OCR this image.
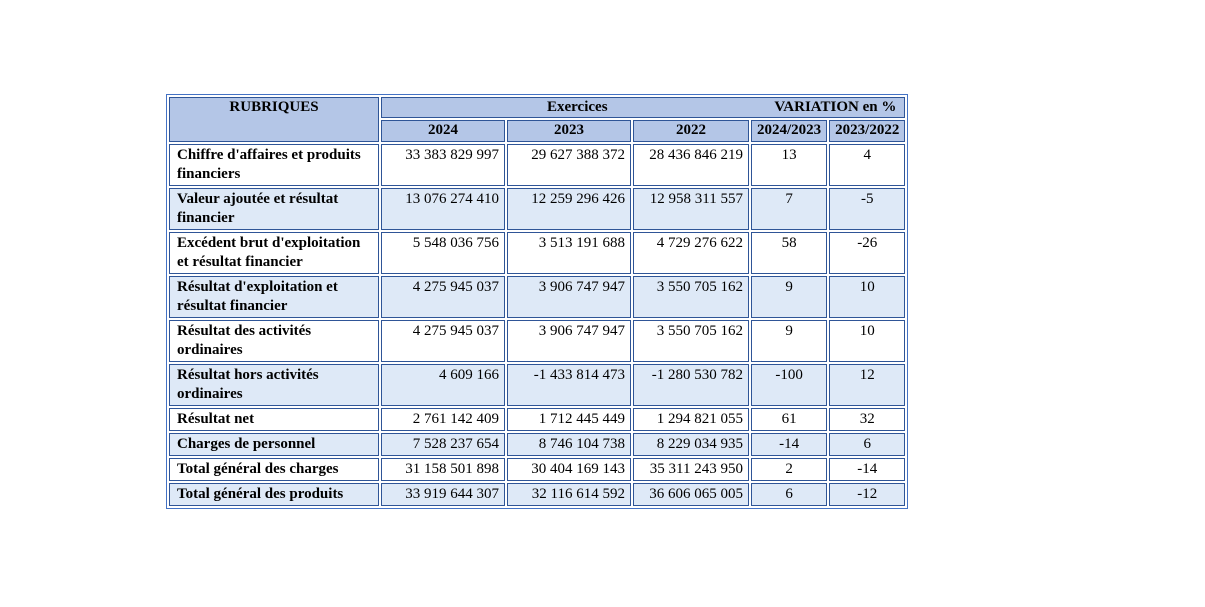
RUBRIQUES	Exercices VARIATION en %				

	2024	2023	2022	2024/2023	2023/2022
Chiffre d'affaires et produits financiers	33 383 829 997	29 627 388 372	28 436 846 219	13	4
Valeur ajoutée et résultat financier	13 076 274 410	12 259 296 426	12 958 311 557	7	-5
Excédent brut d'exploitation et résultat financier	5 548 036 756	3 513 191 688	4 729 276 622	58	-26
Résultat d'exploitation et résultat financier	4 275 945 037	3 906 747 947	3 550 705 162	9	10
Résultat des activités ordinaires	4 275 945 037	3 906 747 947	3 550 705 162	9	10
Résultat hors activités ordinaires	4 609 166	-1 433 814 473	-1 280 530 782	-100	12
Résultat net	2 761 142 409	1 712 445 449	1 294 821 055	61	32
Charges de personnel	7 528 237 654	8 746 104 738	8 229 034 935	-14	6
Total général des charges	31 158 501 898	30 404 169 143	35 311 243 950	2	-14
Total général des produits	33 919 644 307	32 116 614 592	36 606 065 005	6	-12
